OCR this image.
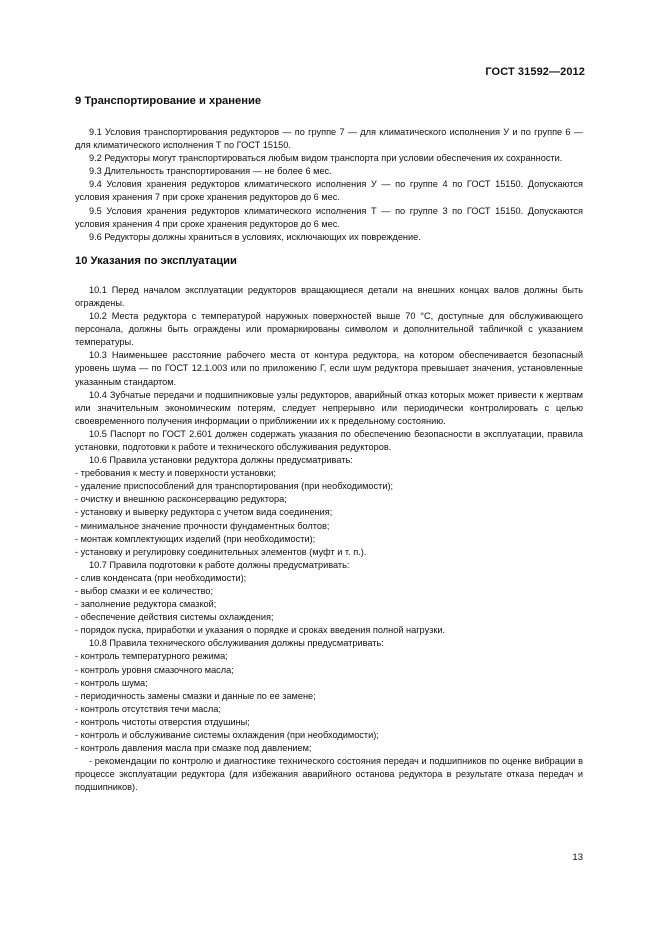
ГОСТ 31592—2012
9 Транспортирование и хранение

9.1 Условия транспортирования редукторов — по группе 7 — для климатического исполнения У и по группе 6 — для климатического исполнения Т по ГОСТ 15150.

9.2 Редукторы могут транспортироваться любым видом транспорта при условии обеспечения их сохранности.

9.3 Длительность транспортирования — не более 6 мес.

9.4 Условия хранения редукторов климатического исполнения У — по группе 4 по ГОСТ 15150. Допускаются условия хранения 7 при сроке хранения редукторов до 6 мес.

9.5 Условия хранения редукторов климатического исполнения Т — по группе 3 по ГОСТ 15150. Допускаются условия хранения 4 при сроке хранения редукторов до 6 мес.

9.6 Редукторы должны храниться в условиях, исключающих их повреждение.

10 Указания по эксплуатации

10.1 Перед началом эксплуатации редукторов вращающиеся детали на внешних концах валов должны быть ограждены.

10.2 Места редуктора с температурой наружных поверхностей выше 70 °С, доступные для обслуживающего персонала, должны быть ограждены или промаркированы символом и дополнительной табличкой с указанием температуры.

10.3 Наименьшее расстояние рабочего места от контура редуктора, на котором обеспечивается безопасный уровень шума — по ГОСТ 12.1.003 или по приложению Г, если шум редуктора превышает значения, установленные указанным стандартом.

10.4 Зубчатые передачи и подшипниковые узлы редукторов, аварийный отказ которых может привести к жертвам или значительным экономическим потерям, следует непрерывно или периодически контролировать с целью своевременного получения информации о приближении их к предельному состоянию.

10.5 Паспорт по ГОСТ 2.601 должен содержать указания по обеспечению безопасности в эксплуатации, правила установки, подготовки к работе и технического обслуживания редукторов.

10.6 Правила установки редуктора должны предусматривать:

- требования к месту и поверхности установки;

- удаление приспособлений для транспортирования (при необходимости);

- очистку и внешнюю расконсервацию редуктора;

- установку и выверку редуктора с учетом вида соединения;

- минимальное значение прочности фундаментных болтов;

- монтаж комплектующих изделий (при необходимости);

- установку и регулировку соединительных элементов (муфт и т. п.).

10.7 Правила подготовки к работе должны предусматривать:

- слив конденсата (при необходимости);

- выбор смазки и ее количество;

- заполнение редуктора смазкой;

- обеспечение действия системы охлаждения;

- порядок пуска, приработки и указания о порядке и сроках введения полной нагрузки.

10.8 Правила технического обслуживания должны предусматривать:

- контроль температурного режима;

- контроль уровня смазочного масла;

- контроль шума;

- периодичность замены смазки и данные по ее замене;

- контроль отсутствия течи масла;

- контроль чистоты отверстия отдушины;

- контроль и обслуживание системы охлаждения (при необходимости);

- контроль давления масла при смазке под давлением;

- рекомендации по контролю и диагностике технического состояния передач и подшипников по оценке вибрации в процессе эксплуатации редуктора (для избежания аварийного останова редуктора в результате отказа передач и подшипников).

13
